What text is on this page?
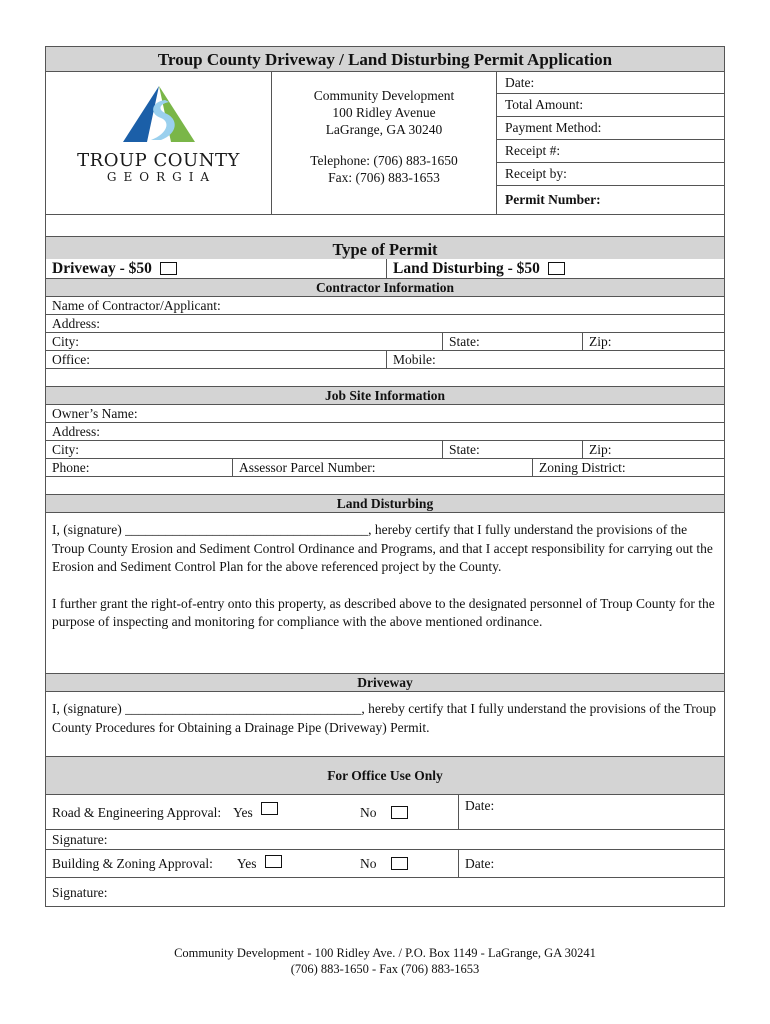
Troup County Driveway / Land Disturbing Permit Application
TROUP COUNTY
GEORGIA
Community Development
100 Ridley Avenue
LaGrange, GA 30240
Telephone: (706) 883-1650
Fax: (706) 883-1653
Date:
Total Amount:
Payment Method:
Receipt #:
Receipt by:
Permit Number:
Type of Permit
Driveway - $50	Land Disturbing - $50
Contractor Information
Name of Contractor/Applicant:
Address:
City:	State:	Zip:
Office:	Mobile:
Job Site Information
Owner’s Name:
Address:
City:	State:	Zip:
Phone:	Assessor Parcel Number:	Zoning District:
Land Disturbing

I, (signature) ____________________________________, hereby certify that I fully understand the provisions of the Troup County Erosion and Sediment Control Ordinance and Programs, and that I accept responsibility for carrying out the Erosion and Sediment Control Plan for the above referenced project by the County.

I further grant the right-of-entry onto this property, as described above to the designated personnel of Troup County for the purpose of inspecting and monitoring for compliance with the above mentioned ordinance.

Driveway

I, (signature) ___________________________________, hereby certify that I fully understand the provisions of the Troup County Procedures for Obtaining a Drainage Pipe (Driveway) Permit.

For Office Use Only
Road & Engineering Approval: Yes	No	Date:
Signature:
Building & Zoning Approval: Yes	No	Date:
Signature:
Community Development - 100 Ridley Ave. / P.O. Box 1149 - LaGrange, GA 30241
(706) 883-1650 - Fax (706) 883-1653
